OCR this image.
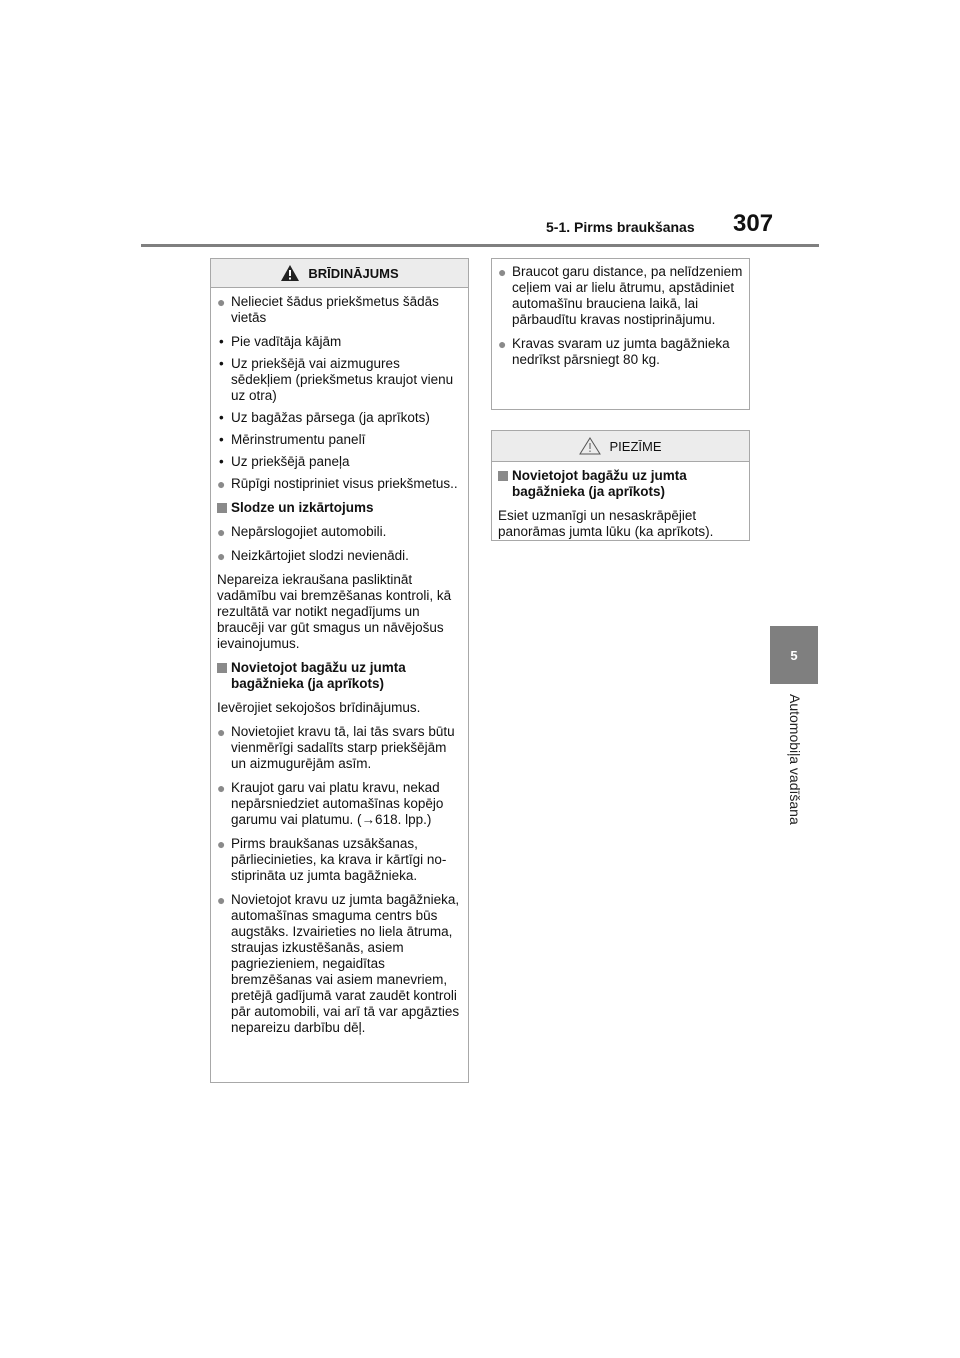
5-1. Pirms braukšanas 307
5
Automobiļa vadīšana
BRĪDINĀJUMS
● Nelieciet šādus priekšmetus šādās vietās
• Pie vadītāja kājām
• Uz priekšējā vai aizmugures sēdekļiem (priekšmetus kraujot vienu uz otra)
• Uz bagāžas pārsega (ja aprīkots)
• Mērinstrumentu panelī
• Uz priekšējā paneļa
● Rūpīgi nostipriniet visus priekšmetus..
Slodze un izkārtojums
● Nepārslogojiet automobili.
● Neizkārtojiet slodzi nevienādi.
Nepareiza iekraušana pasliktināt vadāmību vai bremzēšanas kontroli, kā rezultātā var notikt negadījums un braucēji var gūt smagus un nāvējošus ievainojumus.
Novietojot bagāžu uz jumta bagāžnieka (ja aprīkots)
Ievērojiet sekojošos brīdinājumus.
● Novietojiet kravu tā, lai tās svars būtu vienmērīgi sadalīts starp priekšējām un aizmugurējām asīm.
● Kraujot garu vai platu kravu, nekad nepārsniedziet automašīnas kopējo garumu vai platumu. (→618. lpp.)
● Pirms braukšanas uzsākšanas, pārliecinieties, ka krava ir kārtīgi no- stiprināta uz jumta bagāžnieka.
● Novietojot kravu uz jumta bagāžnieka, automašīnas smaguma centrs būs augstāks. Izvairieties no liela ātruma, straujas izkustēšanās, asiem pagriezieniem, negaidītas bremzēšanas vai asiem manevriem, pretējā gadījumā varat zaudēt kontroli pār automobili, vai arī tā var apgāzties nepareizu darbību dēļ.
● Braucot garu distance, pa nelīdzeniem ceļiem vai ar lielu ātrumu, apstādiniet automašīnu brauciena laikā, lai pārbaudītu kravas nostiprinājumu.
● Kravas svaram uz jumta bagāžnieka nedrīkst pārsniegt 80 kg.
PIEZĪME
Novietojot bagāžu uz jumta bagāžnieka (ja aprīkots)
Esiet uzmanīgi un nesaskrāpējiet panorāmas jumta lūku (ka aprīkots).
